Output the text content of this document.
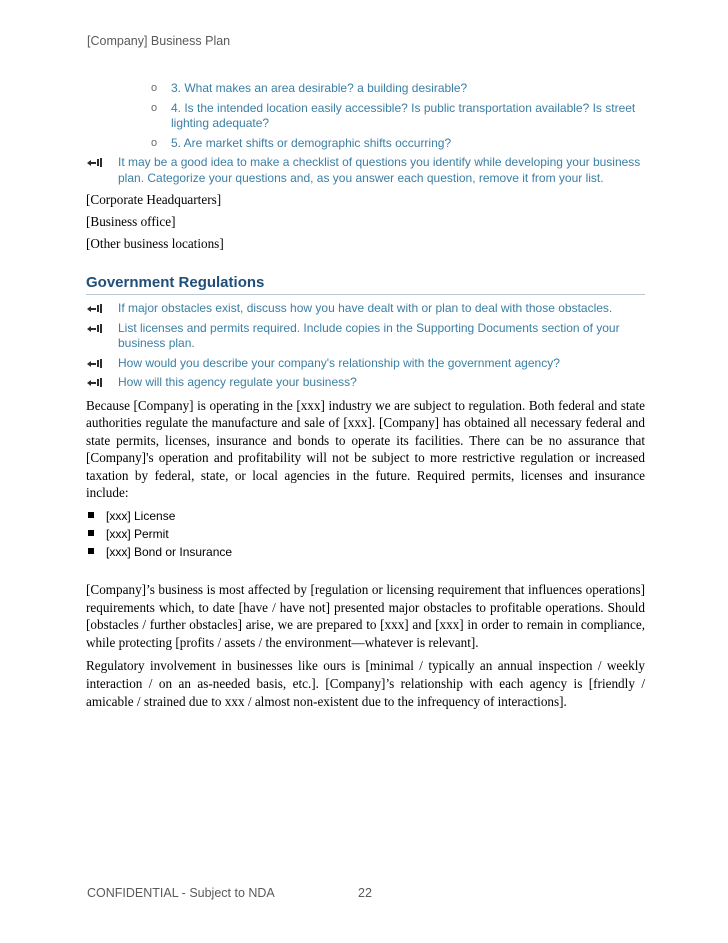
[Company] Business Plan
o 3. What makes an area desirable? a building desirable?
o 4. Is the intended location easily accessible? Is public transportation available? Is street lighting adequate?
o 5. Are market shifts or demographic shifts occurring?
It may be a good idea to make a checklist of questions you identify while developing your business plan. Categorize your questions and, as you answer each question, remove it from your list.

[Corporate Headquarters]

[Business office]

[Other business locations]

Government Regulations
If major obstacles exist, discuss how you have dealt with or plan to deal with those obstacles.
List licenses and permits required. Include copies in the Supporting Documents section of your business plan.
How would you describe your company's relationship with the government agency?
How will this agency regulate your business?

Because [Company] is operating in the [xxx] industry we are subject to regulation. Both federal and state authorities regulate the manufacture and sale of [xxx]. [Company] has obtained all necessary federal and state permits, licenses, insurance and bonds to operate its facilities. There can be no assurance that [Company]'s operation and profitability will not be subject to more restrictive regulation or increased taxation by federal, state, or local agencies in the future. Required permits, licenses and insurance include:

[xxx] License
[xxx] Permit
[xxx] Bond or Insurance

[Company]’s business is most affected by [regulation or licensing requirement that influences operations] requirements which, to date [have / have not] presented major obstacles to profitable operations. Should [obstacles / further obstacles] arise, we are prepared to [xxx] and [xxx] in order to remain in compliance, while protecting [profits / assets / the environment—whatever is relevant].

Regulatory involvement in businesses like ours is [minimal / typically an annual inspection / weekly interaction / on an as-needed basis, etc.]. [Company]’s relationship with each agency is [friendly / amicable / strained due to xxx / almost non-existent due to the infrequency of interactions].

CONFIDENTIAL - Subject to NDA	22
